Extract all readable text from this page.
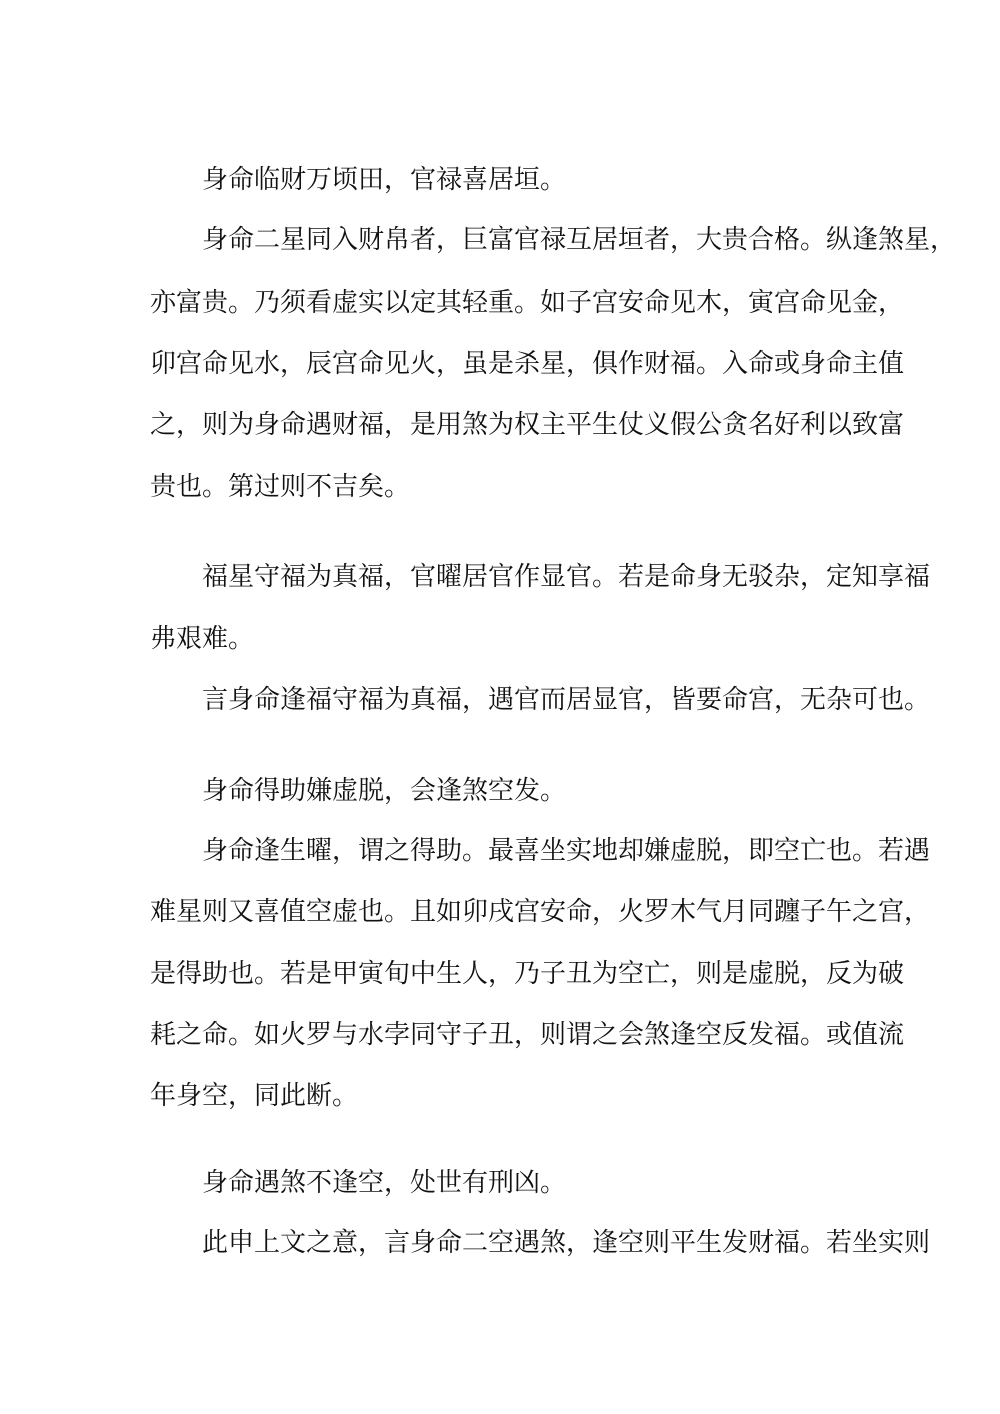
　　身命临财万顷田，官禄喜居垣。
　　身命二星同入财帛者，巨富官禄互居垣者，大贵合格。纵逢煞星，
亦富贵。乃须看虚实以定其轻重。如子宫安命见木，寅宫命见金，
卯宫命见水，辰宫命见火，虽是杀星，俱作财福。入命或身命主值
之，则为身命遇财福，是用煞为权主平生仗义假公贪名好利以致富
贵也。第过则不吉矣。
　　福星守福为真福，官曜居官作显官。若是命身无驳杂，定知享福
弗艰难。
　　言身命逢福守福为真福，遇官而居显官，皆要命宫，无杂可也。
　　身命得助嫌虚脱，会逢煞空发。
　　身命逢生曜，谓之得助。最喜坐实地却嫌虚脱，即空亡也。若遇
难星则又喜值空虚也。且如卯戌宫安命，火罗木气月同躔子午之宫，
是得助也。若是甲寅旬中生人，乃子丑为空亡，则是虚脱，反为破
耗之命。如火罗与水孛同守子丑，则谓之会煞逢空反发福。或值流
年身空，同此断。
　　身命遇煞不逢空，处世有刑凶。
　　此申上文之意，言身命二空遇煞，逢空则平生发财福。若坐实则
